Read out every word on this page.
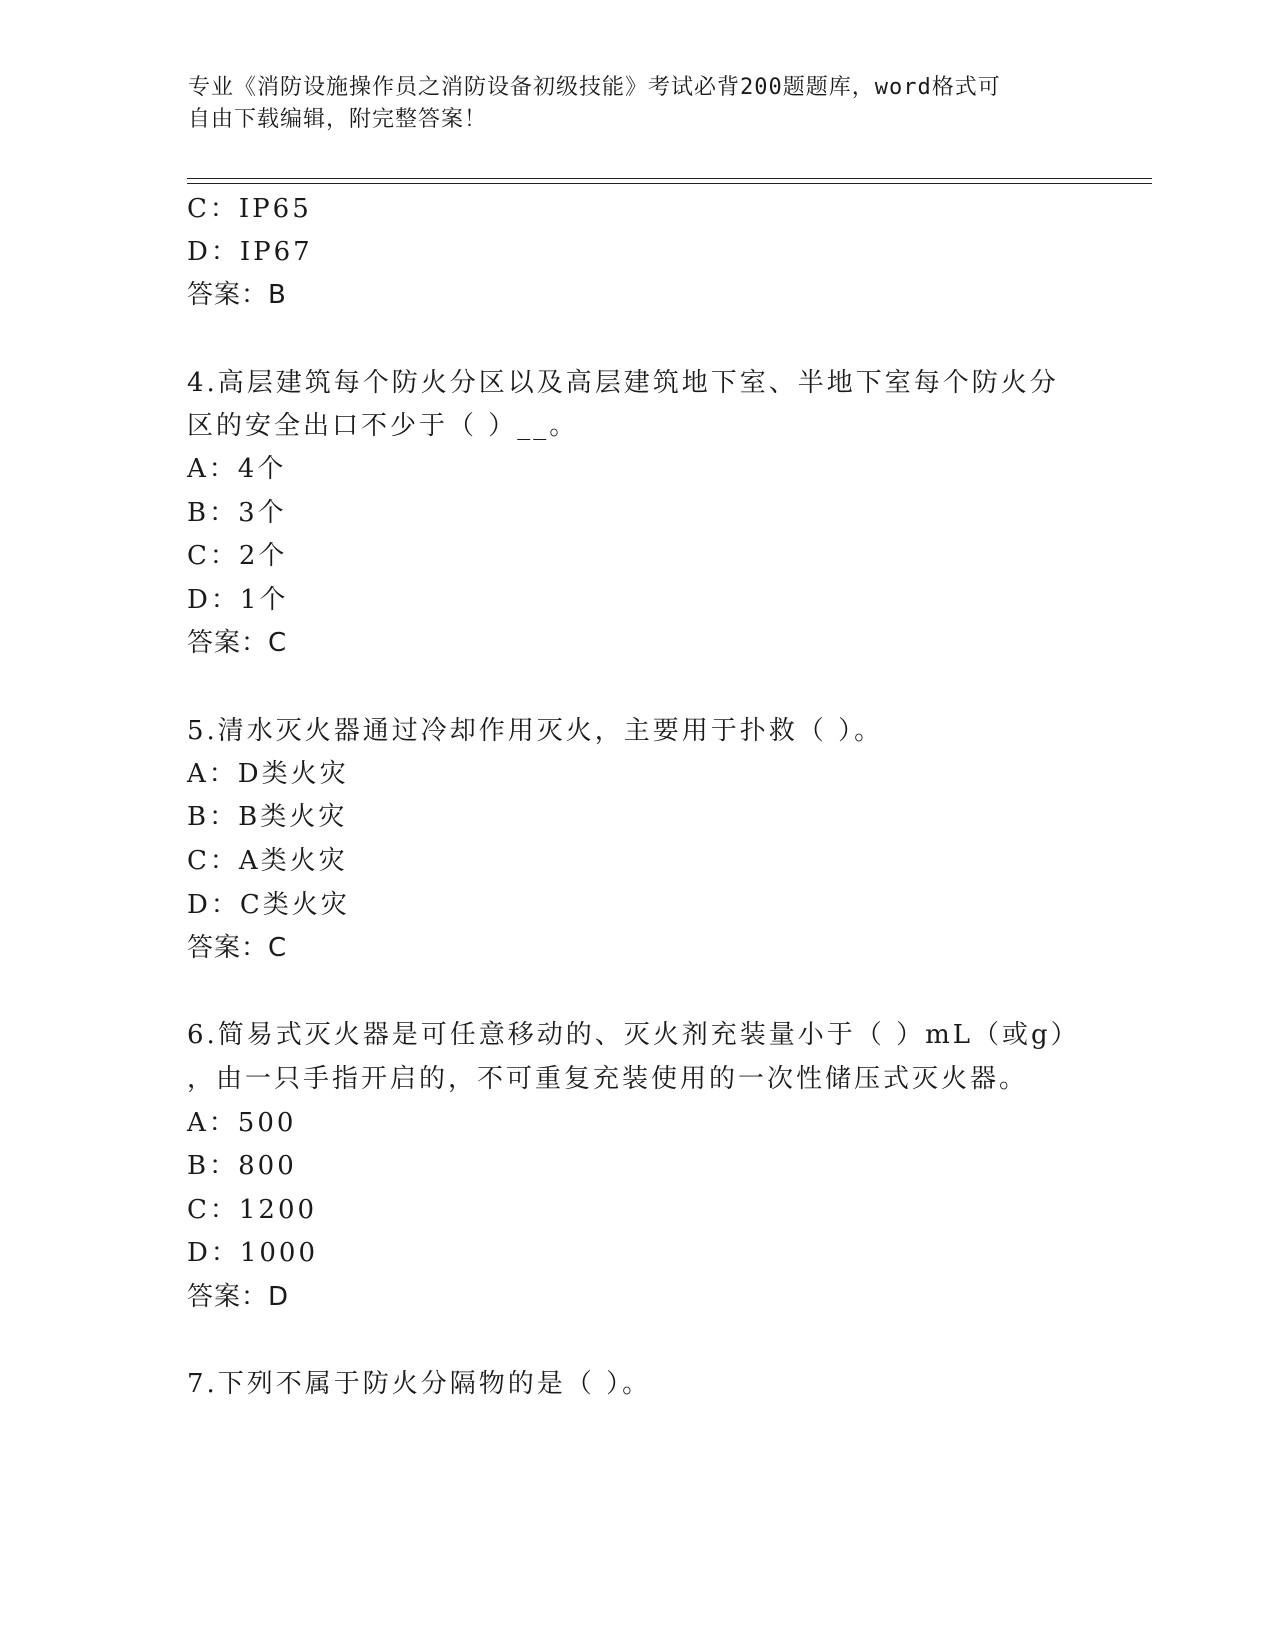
专业《消防设施操作员之消防设备初级技能》考试必背200题题库，word格式可
自由下载编辑，附完整答案！
C：IP65
D：IP67
答案：B
4.高层建筑每个防火分区以及高层建筑地下室、半地下室每个防火分
区的安全出口不少于（ ）__。
A：4个
B：3个
C：2个
D：1个
答案：C
5.清水灭火器通过冷却作用灭火，主要用于扑救（ ）。
A：D类火灾
B：B类火灾
C：A类火灾
D：C类火灾
答案：C
6.简易式灭火器是可任意移动的、灭火剂充装量小于（ ）mL（或g）
，由一只手指开启的，不可重复充装使用的一次性储压式灭火器。
A：500
B：800
C：1200
D：1000
答案：D
7.下列不属于防火分隔物的是（ ）。
